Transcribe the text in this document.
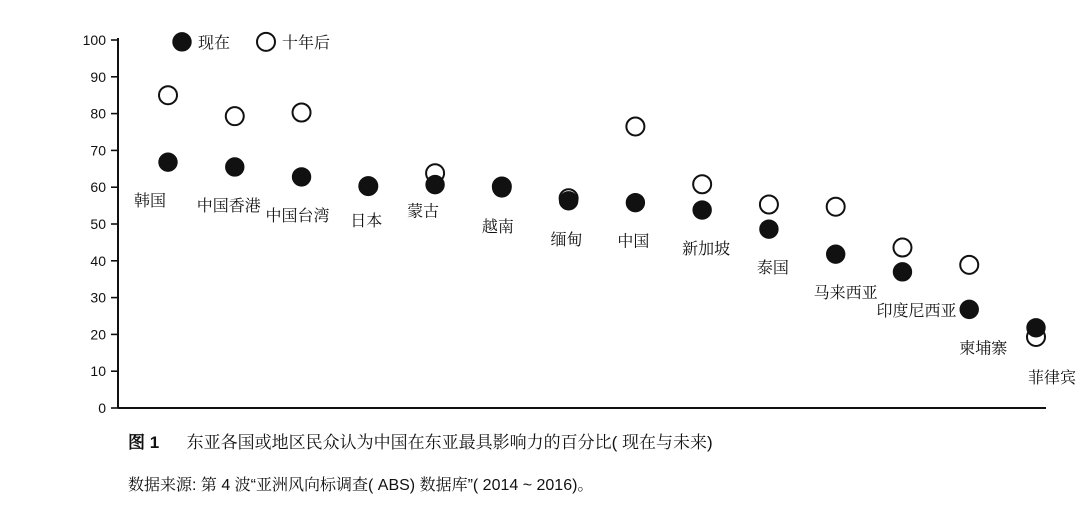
0
10
20
30
40
50
60
70
80
90
100	现在	十年后
韩国 中国香港
中国台湾 日本
蒙古
越南
缅甸 中国 新加坡
泰国
马来西亚
印度尼西亚
柬埔寨
菲律宾
图 1 东亚各国或地区民众认为中国在东亚最具影响力的百分比( 现在与未来)
数据来源: 第 4 波“亚洲风向标调查( ABS) 数据库”( 2014 ~ 2016)。
